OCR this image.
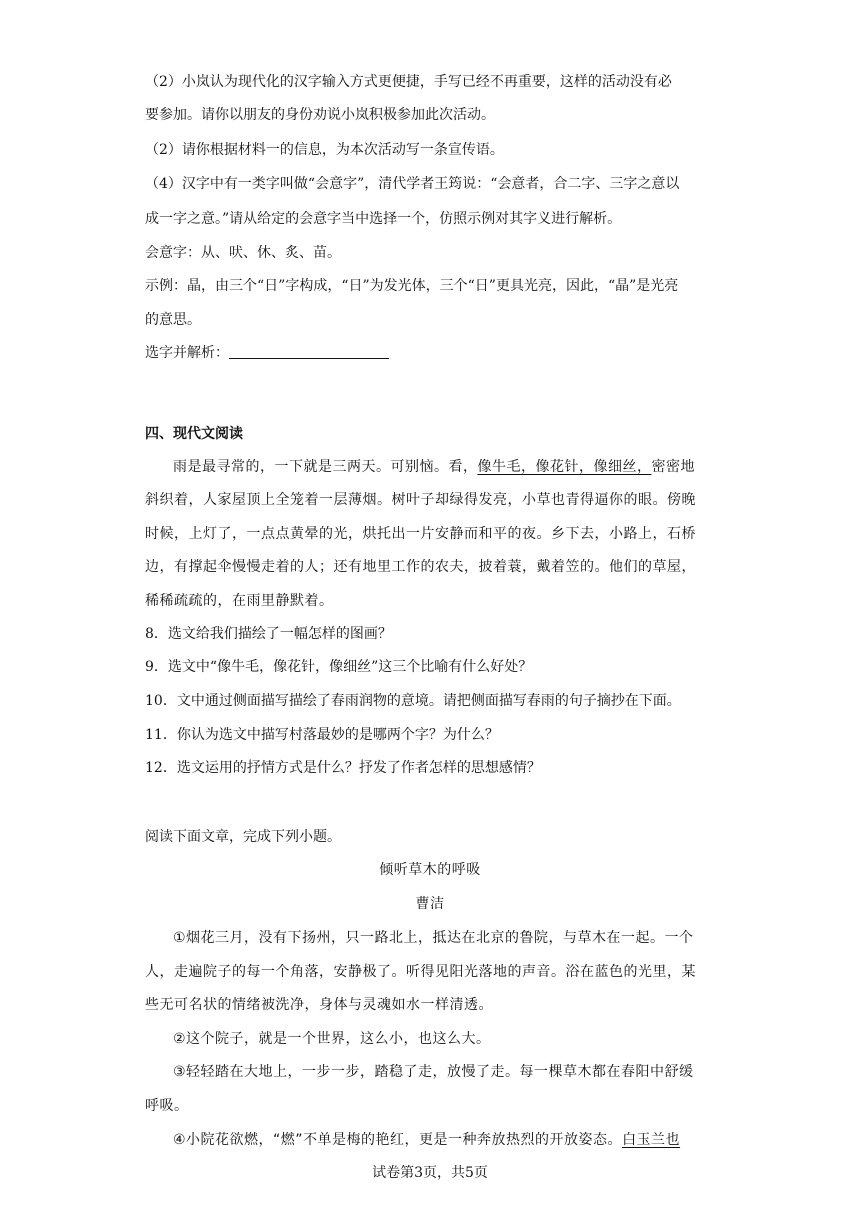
（2）小岚认为现代化的汉字输入方式更便捷，手写已经不再重要，这样的活动没有必
要参加。请你以朋友的身份劝说小岚积极参加此次活动。
（2）请你根据材料一的信息，为本次活动写一条宣传语。
（4）汉字中有一类字叫做“会意字”，清代学者王筠说：“会意者，合二字、三字之意以
成一字之意。”请从给定的会意字当中选择一个，仿照示例对其字义进行解析。
会意字：从、吠、休、炙、苗。
示例：晶，由三个“日”字构成，“日”为发光体，三个“日”更具光亮，因此，“晶”是光亮
的意思。
选字并解析：
四、现代文阅读
雨是最寻常的，一下就是三两天。可别恼。看，像牛毛，像花针，像细丝，密密地
斜织着，人家屋顶上全笼着一层薄烟。树叶子却绿得发亮，小草也青得逼你的眼。傍晚
时候，上灯了，一点点黄晕的光，烘托出一片安静而和平的夜。乡下去，小路上，石桥
边，有撑起伞慢慢走着的人；还有地里工作的农夫，披着蓑，戴着笠的。他们的草屋，
稀稀疏疏的，在雨里静默着。
8．选文给我们描绘了一幅怎样的图画？
9．选文中“像牛毛，像花针，像细丝”这三个比喻有什么好处？
10．文中通过侧面描写描绘了春雨润物的意境。请把侧面描写春雨的句子摘抄在下面。
11．你认为选文中描写村落最妙的是哪两个字？为什么？
12．选文运用的抒情方式是什么？抒发了作者怎样的思想感情？
阅读下面文章，完成下列小题。
倾听草木的呼吸
曹洁
①烟花三月，没有下扬州，只一路北上，抵达在北京的鲁院，与草木在一起。一个
人，走遍院子的每一个角落，安静极了。听得见阳光落地的声音。浴在蓝色的光里，某
些无可名状的情绪被洗净，身体与灵魂如水一样清透。
②这个院子，就是一个世界，这么小，也这么大。
③轻轻踏在大地上，一步一步，踏稳了走，放慢了走。每一棵草木都在春阳中舒缓
呼吸。
④小院花欲燃，“燃”不单是梅的艳红，更是一种奔放热烈的开放姿态。白玉兰也
试卷第3页，共5页
